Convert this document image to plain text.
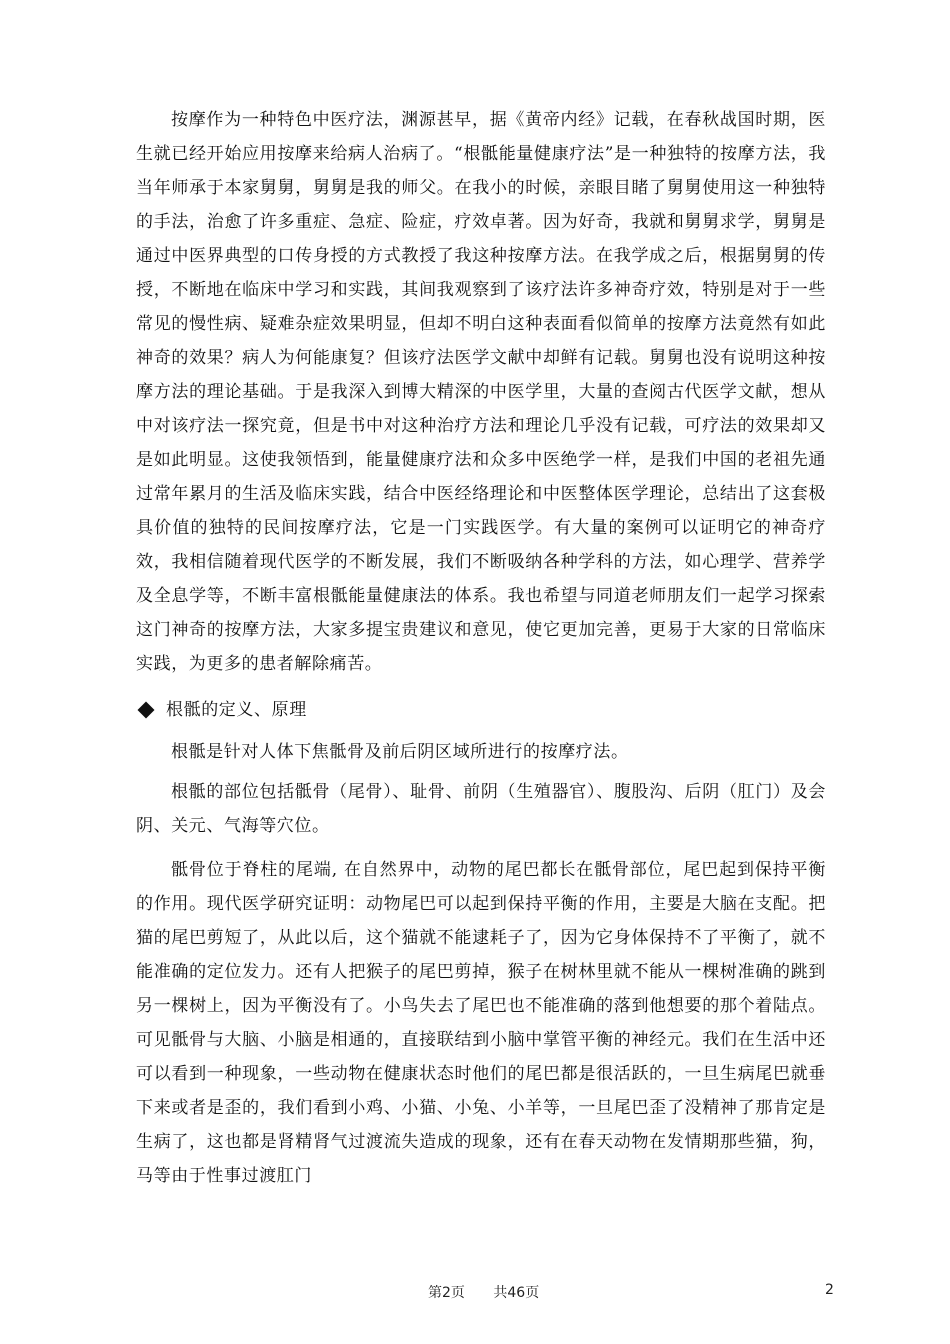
按摩作为一种特色中医疗法，渊源甚早，据《黄帝内经》记载，在春秋战国时期，医生就已经开始应用按摩来给病人治病了。“根骶能量健康疗法”是一种独特的按摩方法，我当年师承于本家舅舅，舅舅是我的师父。在我小的时候，亲眼目睹了舅舅使用这一种独特的手法，治愈了许多重症、急症、险症，疗效卓著。因为好奇，我就和舅舅求学，舅舅是通过中医界典型的口传身授的方式教授了我这种按摩方法。在我学成之后，根据舅舅的传授，不断地在临床中学习和实践，其间我观察到了该疗法许多神奇疗效，特别是对于一些常见的慢性病、疑难杂症效果明显，但却不明白这种表面看似简单的按摩方法竟然有如此神奇的效果？病人为何能康复？但该疗法医学文献中却鲜有记载。舅舅也没有说明这种按摩方法的理论基础。于是我深入到博大精深的中医学里，大量的查阅古代医学文献，想从中对该疗法一探究竟，但是书中对这种治疗方法和理论几乎没有记载，可疗法的效果却又是如此明显。这使我领悟到，能量健康疗法和众多中医绝学一样，是我们中国的老祖先通过常年累月的生活及临床实践，结合中医经络理论和中医整体医学理论，总结出了这套极具价值的独特的民间按摩疗法，它是一门实践医学。有大量的案例可以证明它的神奇疗效，我相信随着现代医学的不断发展，我们不断吸纳各种学科的方法，如心理学、营养学及全息学等，不断丰富根骶能量健康法的体系。我也希望与同道老师朋友们一起学习探索这门神奇的按摩方法，大家多提宝贵建议和意见，使它更加完善，更易于大家的日常临床实践，为更多的患者解除痛苦。

根骶的定义、原理

根骶是针对人体下焦骶骨及前后阴区域所进行的按摩疗法。

根骶的部位包括骶骨（尾骨）、耻骨、前阴（生殖器官）、腹股沟、后阴（肛门）及会阴、关元、气海等穴位。

骶骨位于脊柱的尾端, 在自然界中，动物的尾巴都长在骶骨部位，尾巴起到保持平衡的作用。现代医学研究证明：动物尾巴可以起到保持平衡的作用，主要是大脑在支配。把猫的尾巴剪短了，从此以后，这个猫就不能逮耗子了，因为它身体保持不了平衡了，就不能准确的定位发力。还有人把猴子的尾巴剪掉，猴子在树林里就不能从一棵树准确的跳到另一棵树上，因为平衡没有了。小鸟失去了尾巴也不能准确的落到他想要的那个着陆点。可见骶骨与大脑、小脑是相通的，直接联结到小脑中掌管平衡的神经元。我们在生活中还可以看到一种现象，一些动物在健康状态时他们的尾巴都是很活跃的，一旦生病尾巴就垂下来或者是歪的，我们看到小鸡、小猫、小兔、小羊等，一旦尾巴歪了没精神了那肯定是生病了，这也都是肾精肾气过渡流失造成的现象，还有在春天动物在发情期那些猫，狗，马等由于性事过渡肛门

第2页 共46页	2
